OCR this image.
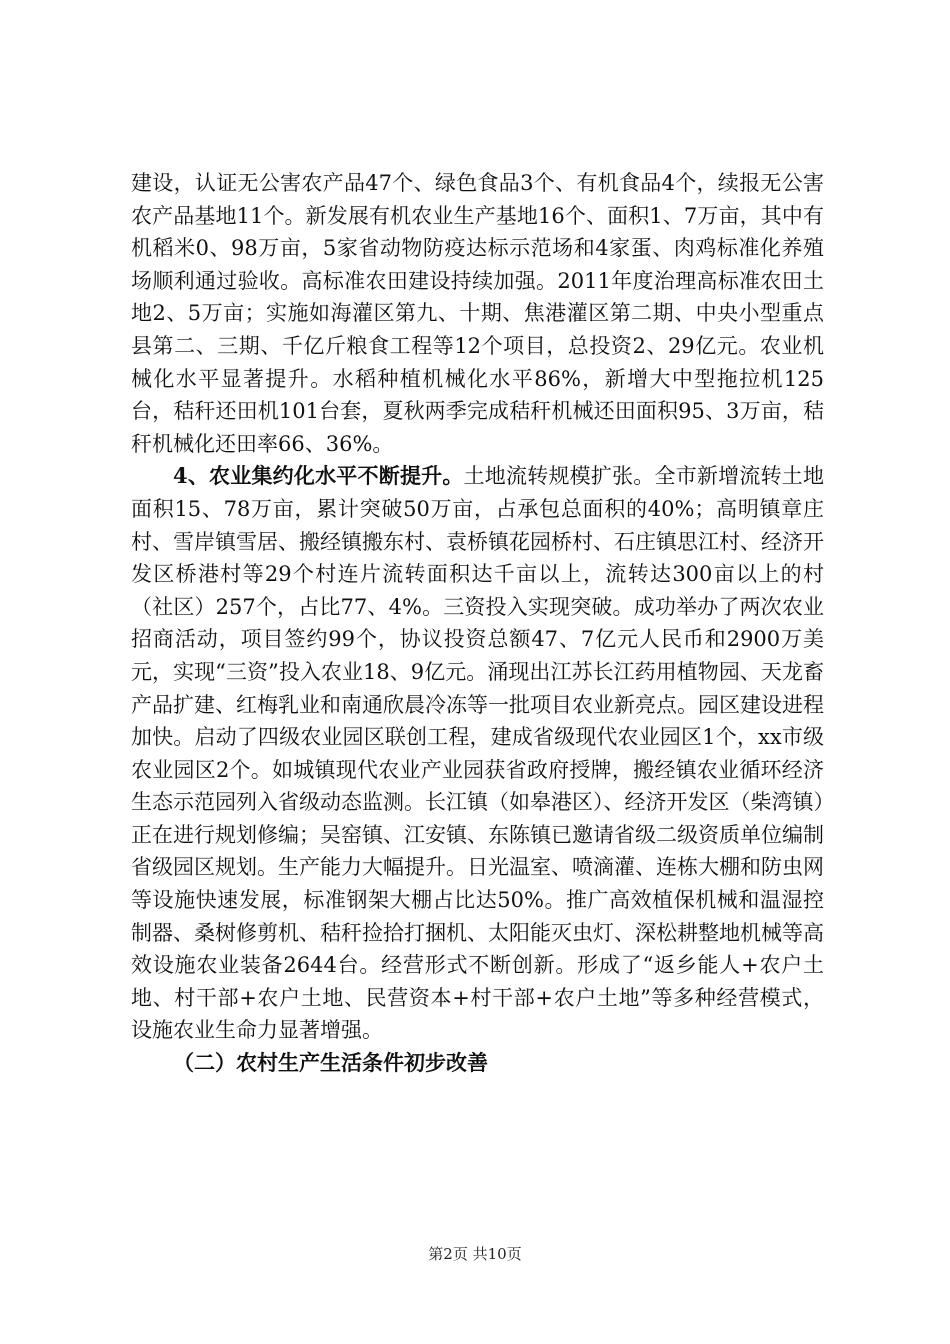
建设，认证无公害农产品47个、绿色食品3个、有机食品4个，续报无公害农产品基地11个。新发展有机农业生产基地16个、面积1、7万亩，其中有机稻米0、98万亩，5家省动物防疫达标示范场和4家蛋、肉鸡标准化养殖场顺利通过验收。高标准农田建设持续加强。2011年度治理高标准农田土地2、5万亩；实施如海灌区第九、十期、焦港灌区第二期、中央小型重点县第二、三期、千亿斤粮食工程等12个项目，总投资2、29亿元。农业机械化水平显著提升。水稻种植机械化水平86%，新增大中型拖拉机125台，秸秆还田机101台套，夏秋两季完成秸秆机械还田面积95、3万亩，秸秆机械化还田率66、36%。

4、农业集约化水平不断提升。土地流转规模扩张。全市新增流转土地面积15、78万亩，累计突破50万亩，占承包总面积的40%；高明镇章庄村、雪岸镇雪居、搬经镇搬东村、袁桥镇花园桥村、石庄镇思江村、经济开发区桥港村等29个村连片流转面积达千亩以上，流转达300亩以上的村（社区）257个，占比77、4%。三资投入实现突破。成功举办了两次农业招商活动，项目签约99个，协议投资总额47、7亿元人民币和2900万美元，实现“三资”投入农业18、9亿元。涌现出江苏长江药用植物园、天龙畜产品扩建、红梅乳业和南通欣晨冷冻等一批项目农业新亮点。园区建设进程加快。启动了四级农业园区联创工程，建成省级现代农业园区1个，xx市级农业园区2个。如城镇现代农业产业园获省政府授牌，搬经镇农业循环经济生态示范园列入省级动态监测。长江镇（如皋港区）、经济开发区（柴湾镇）正在进行规划修编；吴窑镇、江安镇、东陈镇已邀请省级二级资质单位编制省级园区规划。生产能力大幅提升。日光温室、喷滴灌、连栋大棚和防虫网等设施快速发展，标准钢架大棚占比达50%。推广高效植保机械和温湿控制器、桑树修剪机、秸秆捡拾打捆机、太阳能灭虫灯、深松耕整地机械等高效设施农业装备2644台。经营形式不断创新。形成了“返乡能人+农户土地、村干部+农户土地、民营资本+村干部+农户土地”等多种经营模式，设施农业生命力显著增强。

（二）农村生产生活条件初步改善

第2页 共10页
